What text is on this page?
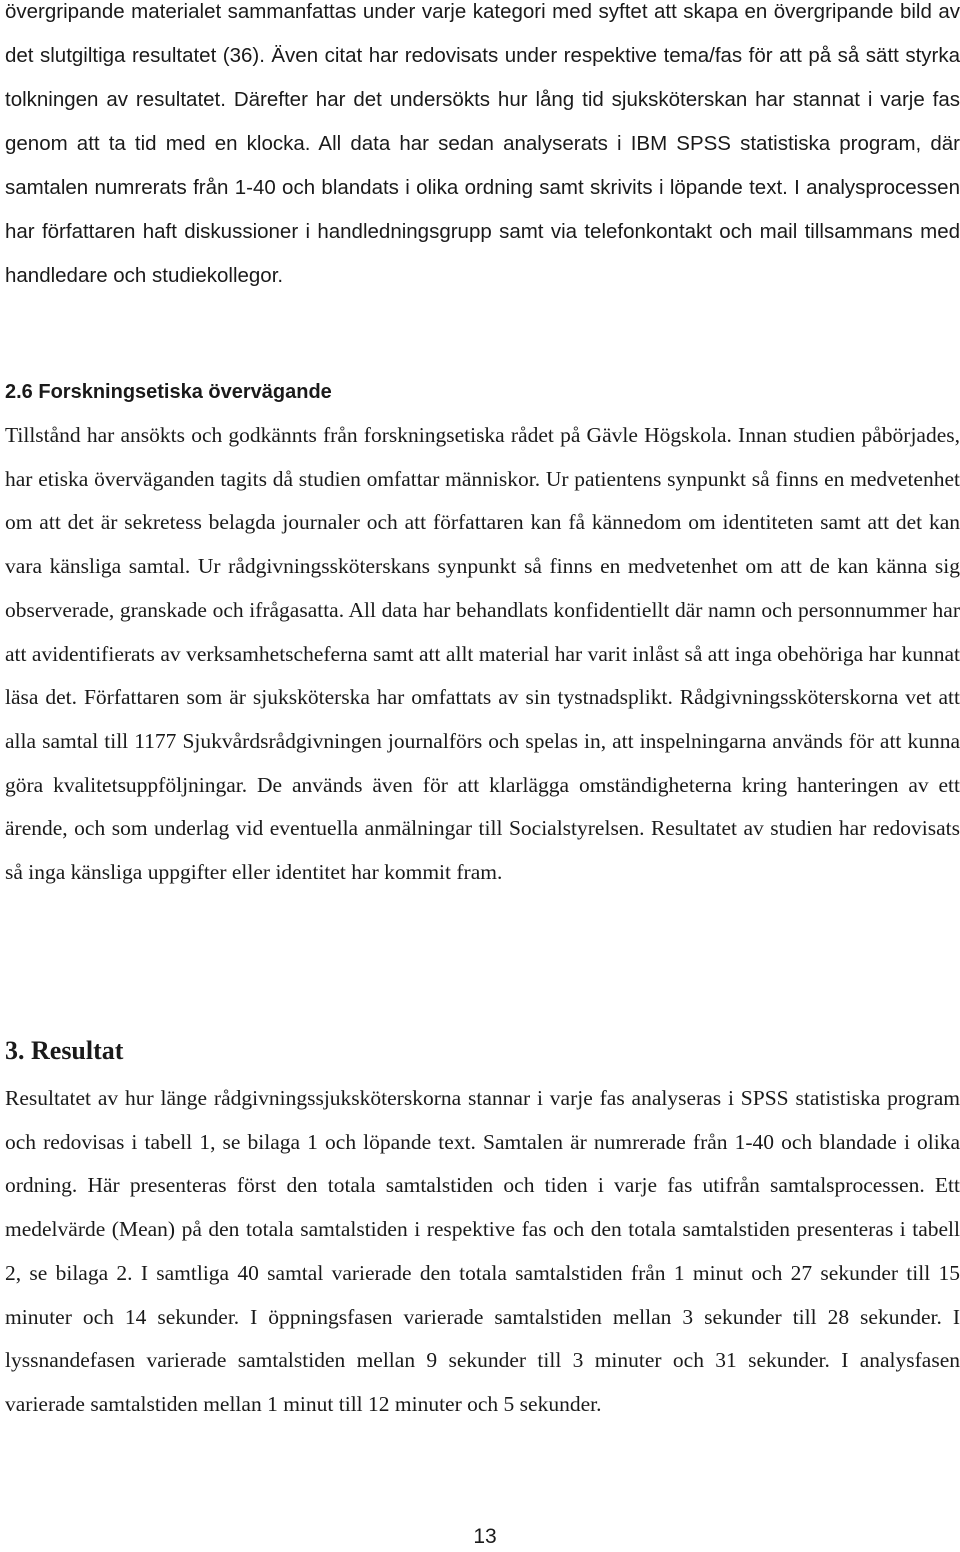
övergripande materialet sammanfattas under varje kategori med syftet att skapa en övergripande bild av det slutgiltiga resultatet (36). Även citat har redovisats under respektive tema/fas för att på så sätt styrka tolkningen av resultatet. Därefter har det undersökts hur lång tid sjuksköterskan har stannat i varje fas genom att ta tid med en klocka. All data har sedan analyserats i IBM SPSS statistiska program, där samtalen numrerats från 1-40 och blandats i olika ordning samt skrivits i löpande text. I analysprocessen har författaren haft diskussioner i handledningsgrupp samt via telefonkontakt och mail tillsammans med handledare och studiekollegor.

2.6 Forskningsetiska övervägande

Tillstånd har ansökts och godkännts från forskningsetiska rådet på Gävle Högskola. Innan studien påbörjades, har etiska överväganden tagits då studien omfattar människor. Ur patientens synpunkt så finns en medvetenhet om att det är sekretess belagda journaler och att författaren kan få kännedom om identiteten samt att det kan vara känsliga samtal. Ur rådgivningssköterskans synpunkt så finns en medvetenhet om att de kan känna sig observerade, granskade och ifrågasatta. All data har behandlats konfidentiellt där namn och personnummer har att avidentifierats av verksamhetscheferna samt att allt material har varit inlåst så att inga obehöriga har kunnat läsa det. Författaren som är sjuksköterska har omfattats av sin tystnadsplikt. Rådgivningssköterskorna vet att alla samtal till 1177 Sjukvårdsrådgivningen journalförs och spelas in, att inspelningarna används för att kunna göra kvalitetsuppföljningar. De används även för att klarlägga omständigheterna kring hanteringen av ett ärende, och som underlag vid eventuella anmälningar till Socialstyrelsen. Resultatet av studien har redovisats så inga känsliga uppgifter eller identitet har kommit fram.

3. Resultat

Resultatet av hur länge rådgivningssjuksköterskorna stannar i varje fas analyseras i SPSS statistiska program och redovisas i tabell 1, se bilaga 1 och löpande text. Samtalen är numrerade från 1-40 och blandade i olika ordning. Här presenteras först den totala samtalstiden och tiden i varje fas utifrån samtalsprocessen. Ett medelvärde (Mean) på den totala samtalstiden i respektive fas och den totala samtalstiden presenteras i tabell 2, se bilaga 2. I samtliga 40 samtal varierade den totala samtalstiden från 1 minut och 27 sekunder till 15 minuter och 14 sekunder. I öppningsfasen varierade samtalstiden mellan 3 sekunder till 28 sekunder. I lyssnandefasen varierade samtalstiden mellan 9 sekunder till 3 minuter och 31 sekunder. I analysfasen varierade samtalstiden mellan 1 minut till 12 minuter och 5 sekunder.

13
